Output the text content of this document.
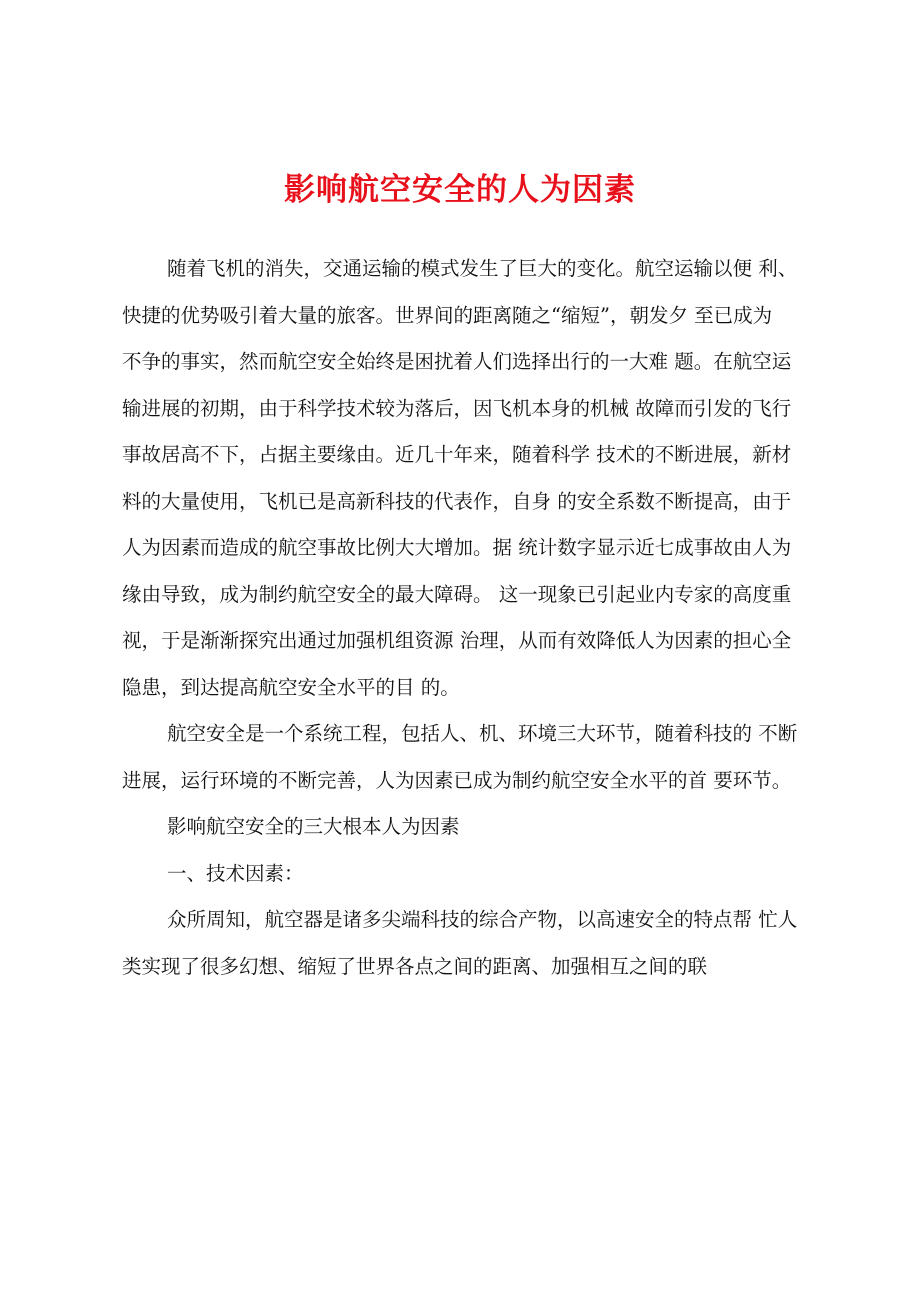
影响航空安全的人为因素
随着飞机的消失，交通运输的模式发生了巨大的变化。航空运输以便 利、
快捷的优势吸引着大量的旅客。世界间的距离随之“缩短”，朝发夕 至已成为
不争的事实，然而航空安全始终是困扰着人们选择出行的一大难 题。在航空运
输进展的初期，由于科学技术较为落后，因飞机本身的机械 故障而引发的飞行
事故居高不下，占据主要缘由。近几十年来，随着科学 技术的不断进展，新材
料的大量使用，飞机已是高新科技的代表作，自身 的安全系数不断提高，由于
人为因素而造成的航空事故比例大大增加。据 统计数字显示近七成事故由人为
缘由导致，成为制约航空安全的最大障碍。 这一现象已引起业内专家的高度重
视，于是渐渐探究出通过加强机组资源 治理，从而有效降低人为因素的担心全
隐患，到达提高航空安全水平的目 的。
航空安全是一个系统工程，包括人、机、环境三大环节，随着科技的 不断
进展，运行环境的不断完善，人为因素已成为制约航空安全水平的首 要环节。
影响航空安全的三大根本人为因素
一、技术因素：
众所周知，航空器是诸多尖端科技的综合产物，以高速安全的特点帮 忙人
类实现了很多幻想、缩短了世界各点之间的距离、加强相互之间的联
